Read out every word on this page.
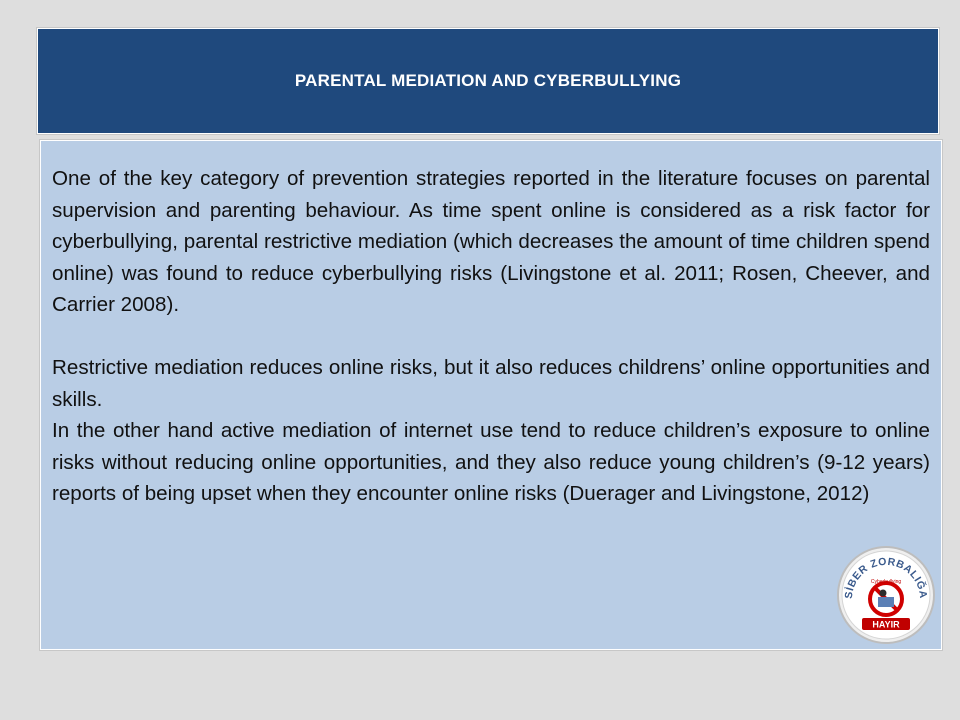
PARENTAL MEDIATION AND CYBERBULLYING

One of the key category of prevention strategies reported in the literature focuses on parental supervision and parenting behaviour. As time spent online is considered as a risk factor for cyberbullying, parental restrictive mediation (which decreases the amount of time children spend online) was found to reduce cyberbullying risks (Livingstone et al. 2011; Rosen, Cheever, and Carrier 2008).

Restrictive mediation reduces online risks, but it also reduces childrens’ online opportunities and skills.

In the other hand active mediation of internet use tend to reduce children’s exposure to online risks without reducing online opportunities, and they also reduce young children’s (9-12 years) reports of being upset when they encounter online risks (Duerager and Livingstone, 2012)

SİBER ZORBALIĞA
Cyberbullying
HAYIR
